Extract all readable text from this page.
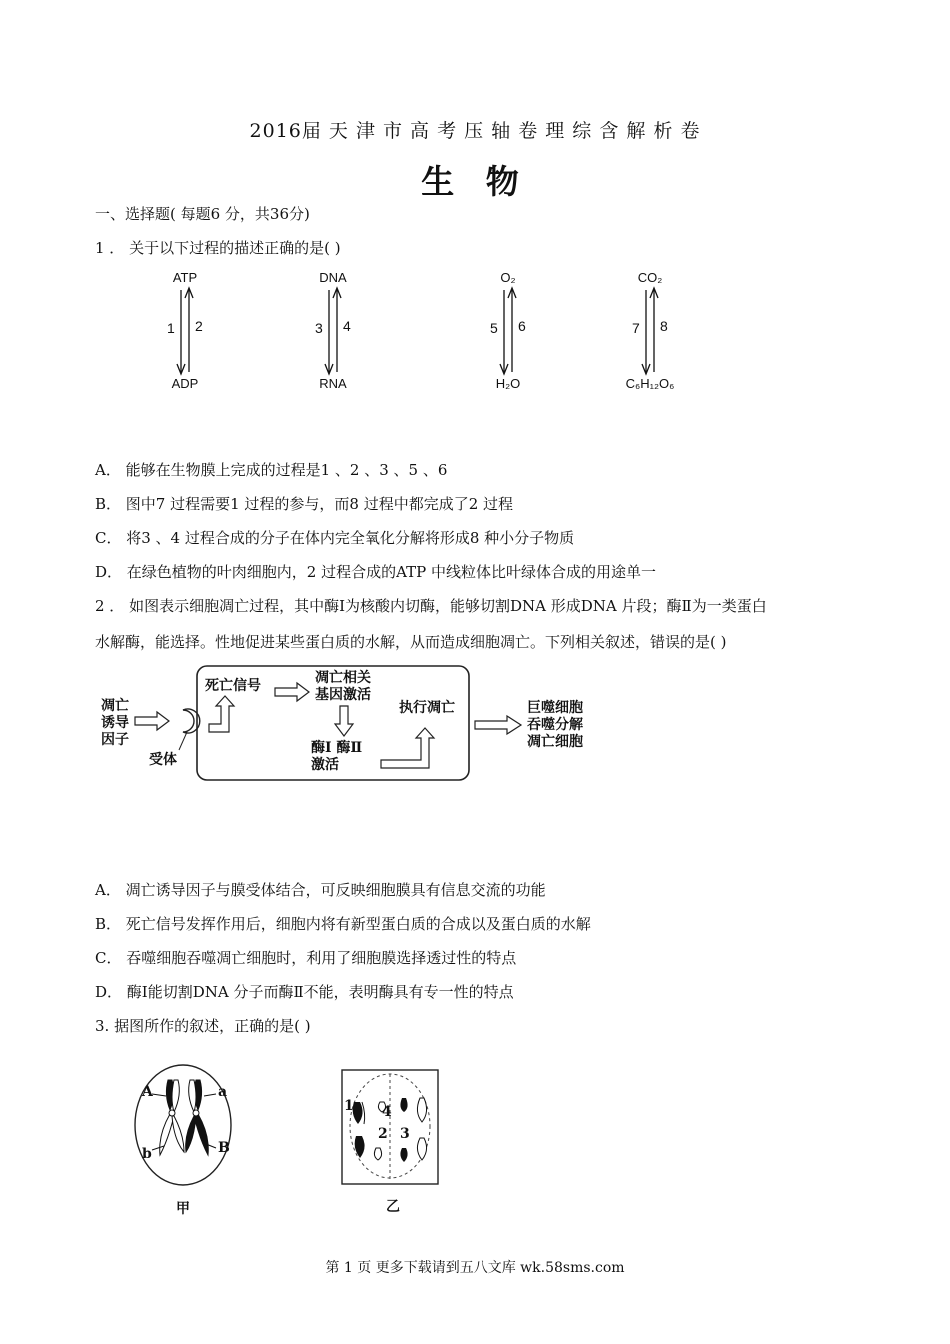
2016届 天 津 市 高 考 压 轴 卷 理 综 含 解 析 卷
生 物
一、选择题( 每题6 分，共36分)
1 ． 关于以下过程的描述正确的是( )
ATP
ADP
1 2
DNA
RNA
3 4
O₂
H₂O
5 6
CO₂
C₆H₁₂O₆
7 8
A． 能够在生物膜上完成的过程是1 、2 、3 、5 、6
B． 图中7 过程需要1 过程的参与，而8 过程中都完成了2 过程
C． 将3 、4 过程合成的分子在体内完全氧化分解将形成8 种小分子物质
D． 在绿色植物的叶肉细胞内，2 过程合成的ATP 中线粒体比叶绿体合成的用途单一
2 ． 如图表示细胞凋亡过程，其中酶Ⅰ为核酸内切酶，能够切割DNA 形成DNA 片段；酶Ⅱ为一类蛋白
水解酶，能选择。性地促进某些蛋白质的水解，从而造成细胞凋亡。下列相关叙述，错误的是( )
凋亡
诱导
因子
受体
死亡信号	凋亡相关
基因激活
酶Ⅰ 酶Ⅱ
激活
执行凋亡	巨噬细胞
吞噬分解
凋亡细胞
A． 凋亡诱导因子与膜受体结合，可反映细胞膜具有信息交流的功能
B． 死亡信号发挥作用后，细胞内将有新型蛋白质的合成以及蛋白质的水解
C． 吞噬细胞吞噬凋亡细胞时，利用了细胞膜选择透过性的特点
D． 酶Ⅰ能切割DNA 分子而酶Ⅱ不能，表明酶具有专一性的特点
3. 据图所作的叙述，正确的是( )
A	a
b	B
甲
1 4
2 3
乙
第 1 页 更多下载请到五八文库 wk.58sms.com
